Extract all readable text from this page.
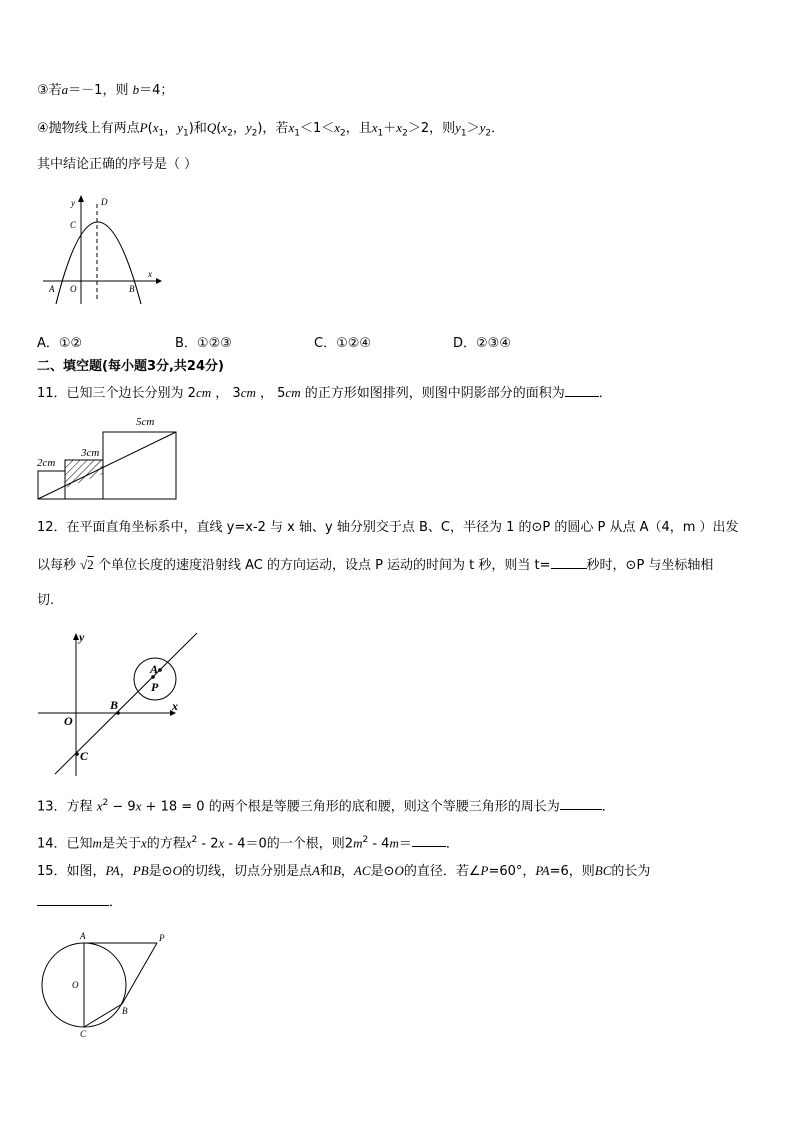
③若a＝－1，则 b＝4；
④抛物线上有两点$P(x_1$，$y_1$)和$Q(x_2$，$y_2$)，若$x_1<1<x_2$，且$x_1+x_2>2$，则$y_1>y_2$．
其中结论正确的序号是（ ）
y	D
C
x
A O	B
A．①②	B．①②③	C．①②④	D．②③④
二、填空题(每小题3分,共24分)
11．已知三个边长分别为 2cm ， 3cm ， 5cm 的正方形如图排列，则图中阴影部分的面积为	．
2cm
3cm
5cm
12．在平面直角坐标系中，直线 y=x-2 与 x 轴、y 轴分别交于点 B、C，半径为 1 的⊙P 的圆心 P 从点 A（4，m ）出发
以每秒 √2 个单位长度的速度沿射线 AC 的方向运动，设点 P 运动的时间为 t 秒，则当 t=	秒时，⊙P 与坐标轴相
切.
y
x
O
B
C
A
P
13．方程 $x^2 - 9x + 18 = 0$ 的两个根是等腰三角形的底和腰，则这个等腰三角形的周长为	．
14．已知m是关于x的方程$x^2 - 2x - 4=0$的一个根，则$2m^2 - 4m=$	．
15．如图，PA，PB是⊙O的切线，切点分别是点A和B，AC是⊙O的直径．若∠P=60°，PA=6，则BC的长为
．
A	P
O
B
C
